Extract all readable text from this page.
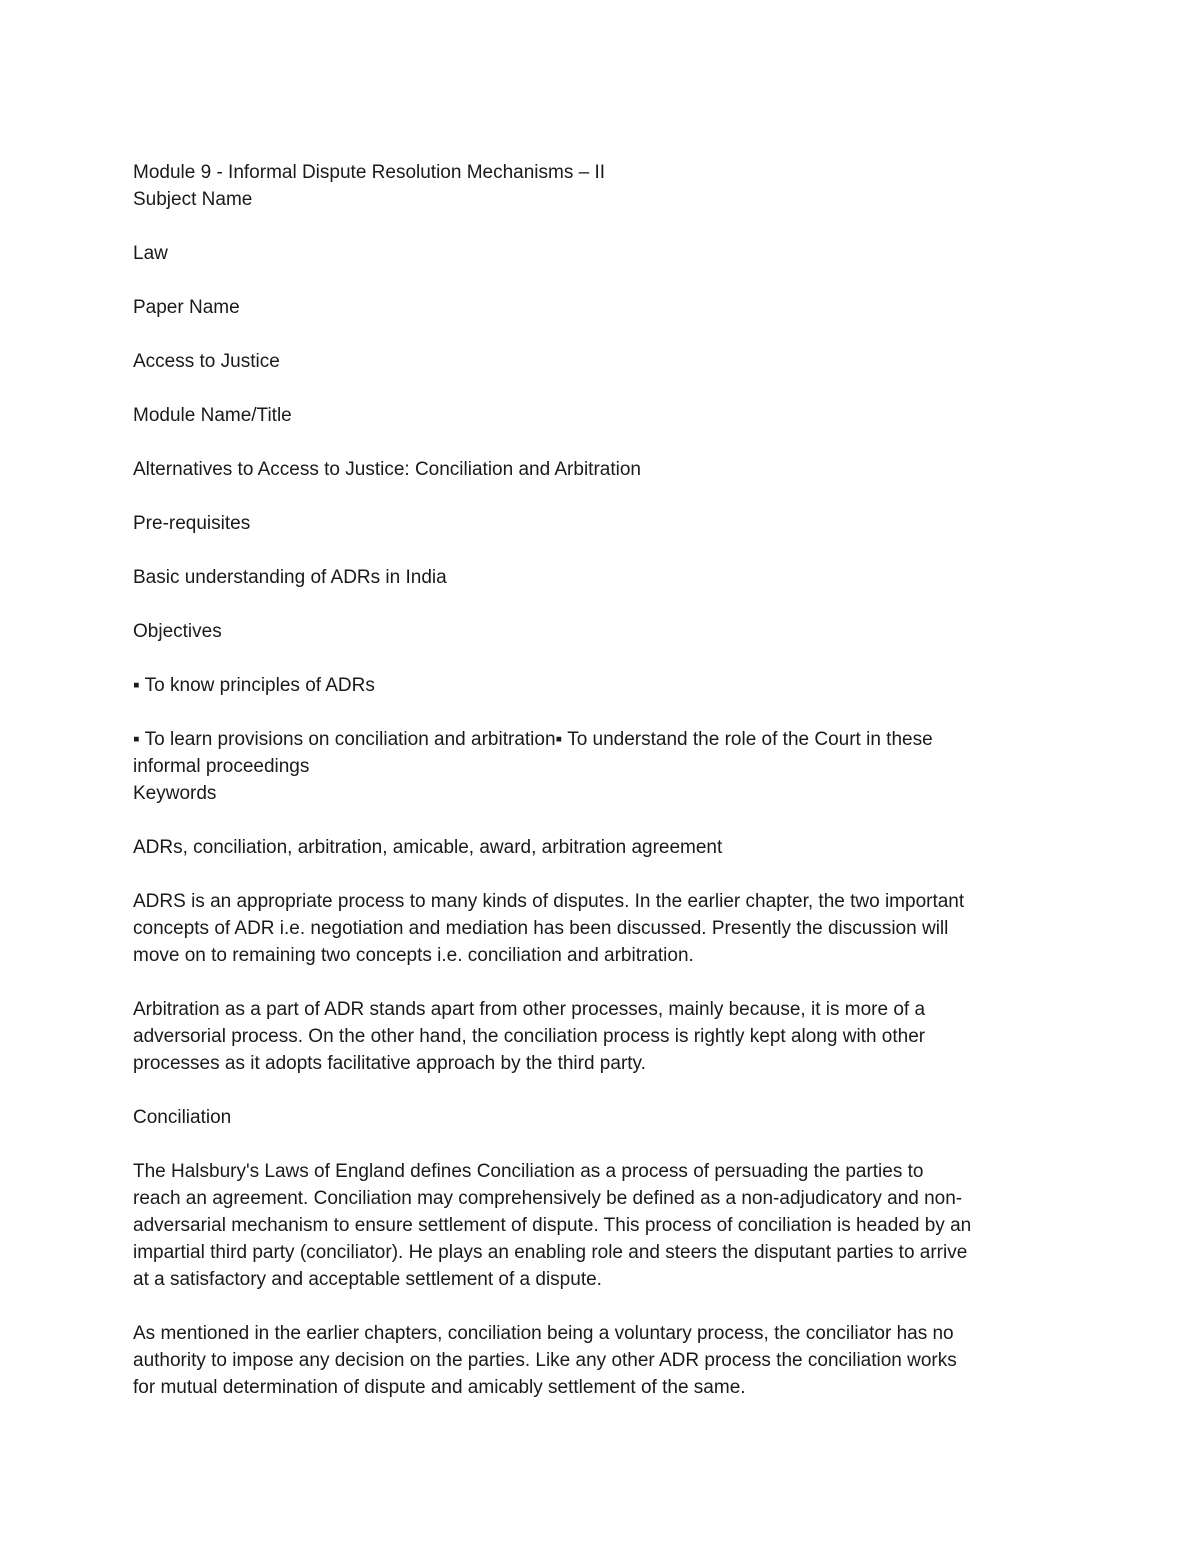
Module 9 - Informal Dispute Resolution Mechanisms – II

Subject Name

Law

Paper Name

Access to Justice

Module Name/Title

Alternatives to Access to Justice: Conciliation and Arbitration

Pre-requisites

Basic understanding of ADRs in India

Objectives

▪ To know principles of ADRs

▪ To learn provisions on conciliation and arbitration▪ To understand the role of the Court in these informal proceedings

Keywords

ADRs, conciliation, arbitration, amicable, award, arbitration agreement

ADRS is an appropriate process to many kinds of disputes. In the earlier chapter, the two important concepts of ADR i.e. negotiation and mediation has been discussed. Presently the discussion will move on to remaining two concepts i.e. conciliation and arbitration.

Arbitration as a part of ADR stands apart from other processes, mainly because, it is more of a adversorial process. On the other hand, the conciliation process is rightly kept along with other processes as it adopts facilitative approach by the third party.

Conciliation

The Halsbury's Laws of England defines Conciliation as a process of persuading the parties to reach an agreement. Conciliation may comprehensively be defined as a non-adjudicatory and non-adversarial mechanism to ensure settlement of dispute. This process of conciliation is headed by an impartial third party (conciliator). He plays an enabling role and steers the disputant parties to arrive at a satisfactory and acceptable settlement of a dispute.

As mentioned in the earlier chapters, conciliation being a voluntary process, the conciliator has no authority to impose any decision on the parties. Like any other ADR process the conciliation works for mutual determination of dispute and amicably settlement of the same.
